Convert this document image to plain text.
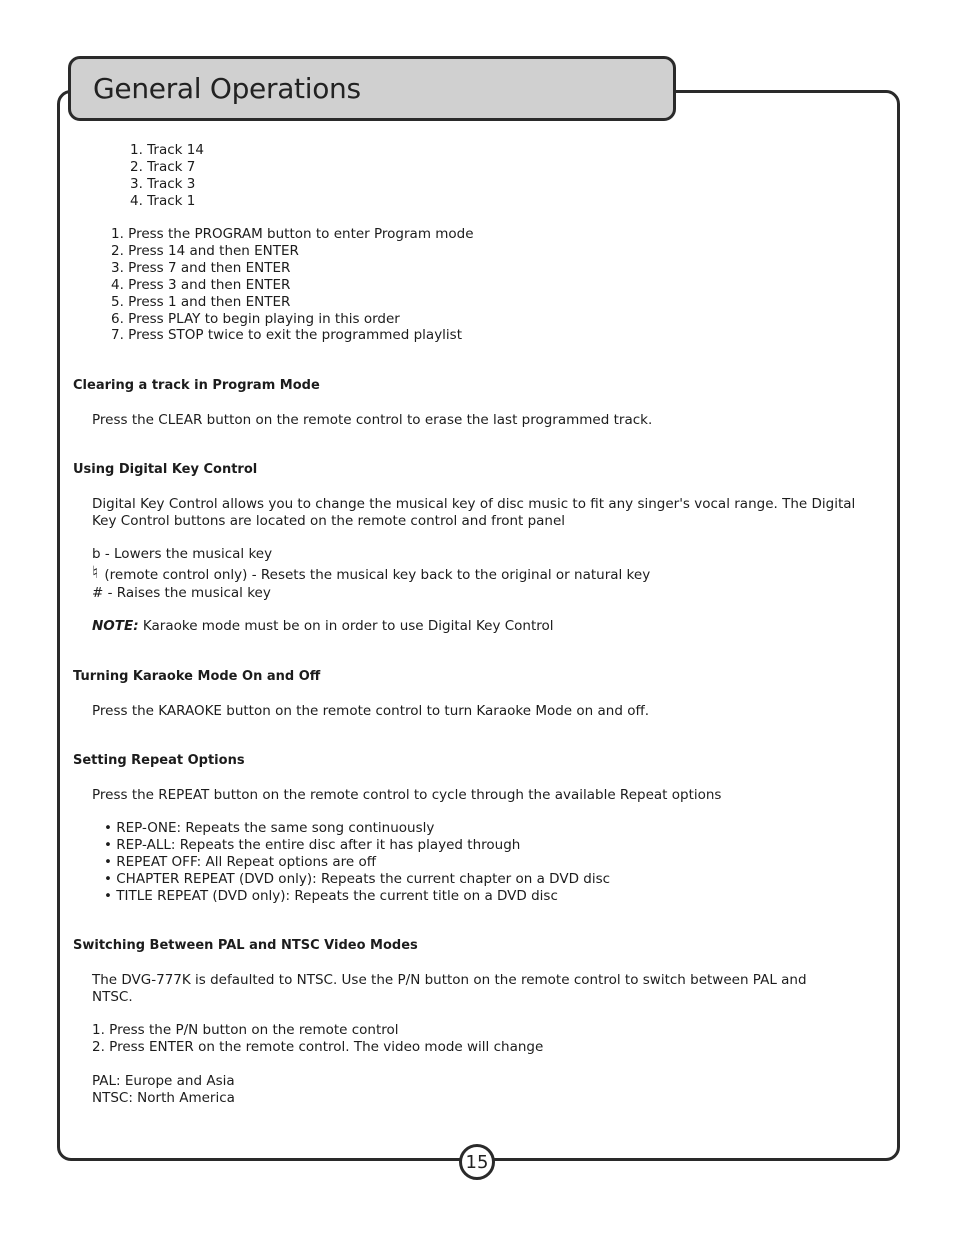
General Operations
1. Track 14
2. Track 7
3. Track 3
4. Track 1
1. Press the PROGRAM button to enter Program mode
2. Press 14 and then ENTER
3. Press 7 and then ENTER
4. Press 3 and then ENTER
5. Press 1 and then ENTER
6. Press PLAY to begin playing in this order
7. Press STOP twice to exit the programmed playlist
Clearing a track in Program Mode
Press the CLEAR button on the remote control to erase the last programmed track.
Using Digital Key Control
Digital Key Control allows you to change the musical key of disc music to fit any singer's vocal range. The Digital
Key Control buttons are located on the remote control and front panel
b - Lowers the musical key
♮ (remote control only) - Resets the musical key back to the original or natural key
# - Raises the musical key
NOTE: Karaoke mode must be on in order to use Digital Key Control
Turning Karaoke Mode On and Off
Press the KARAOKE button on the remote control to turn Karaoke Mode on and off.
Setting Repeat Options
Press the REPEAT button on the remote control to cycle through the available Repeat options
• REP-ONE: Repeats the same song continuously
• REP-ALL: Repeats the entire disc after it has played through
• REPEAT OFF: All Repeat options are off
• CHAPTER REPEAT (DVD only): Repeats the current chapter on a DVD disc
• TITLE REPEAT (DVD only): Repeats the current title on a DVD disc
Switching Between PAL and NTSC Video Modes
The DVG-777K is defaulted to NTSC. Use the P/N button on the remote control to switch between PAL and
NTSC.
1. Press the P/N button on the remote control
2. Press ENTER on the remote control. The video mode will change
PAL: Europe and Asia
NTSC: North America
15
